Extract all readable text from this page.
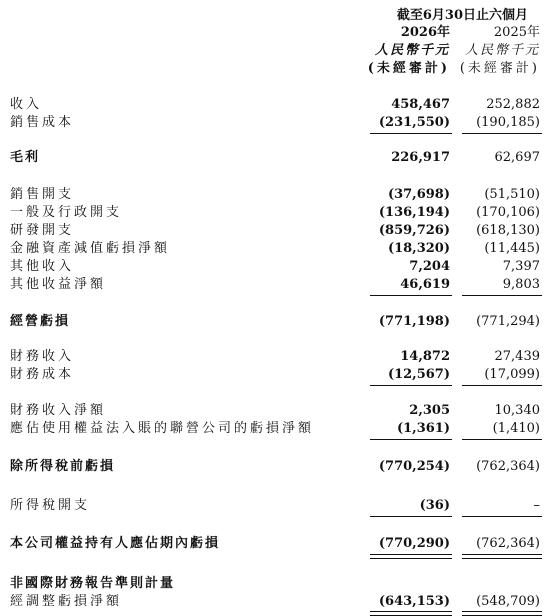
截至6月30日止六個月
2026年	2025年
人民幣千元 人民幣千元
(未經審計) (未經審計)
收入	458,467	252,882
銷售成本	(231,550) (190,185)
毛利	226,917	62,697
銷售開支	(37,698)	(51,510)
一般及行政開支	(136,194) (170,106)
研發開支	(859,726) (618,130)
金融資產減值虧損淨額	(18,320)	(11,445)
其他收入	7,204	7,397
其他收益淨額	46,619	9,803
經營虧損	(771,198) (771,294)
財務收入	14,872	27,439
財務成本	(12,567)	(17,099)
財務收入淨額	2,305	10,340
應佔使用權益法入賬的聯營公司的虧損淨額	(1,361)	(1,410)
除所得稅前虧損	(770,254) (762,364)
所得稅開支	(36)	–
本公司權益持有人應佔期內虧損	(770,290) (762,364)
非國際財務報告準則計量
經調整虧損淨額	(643,153) (548,709)
